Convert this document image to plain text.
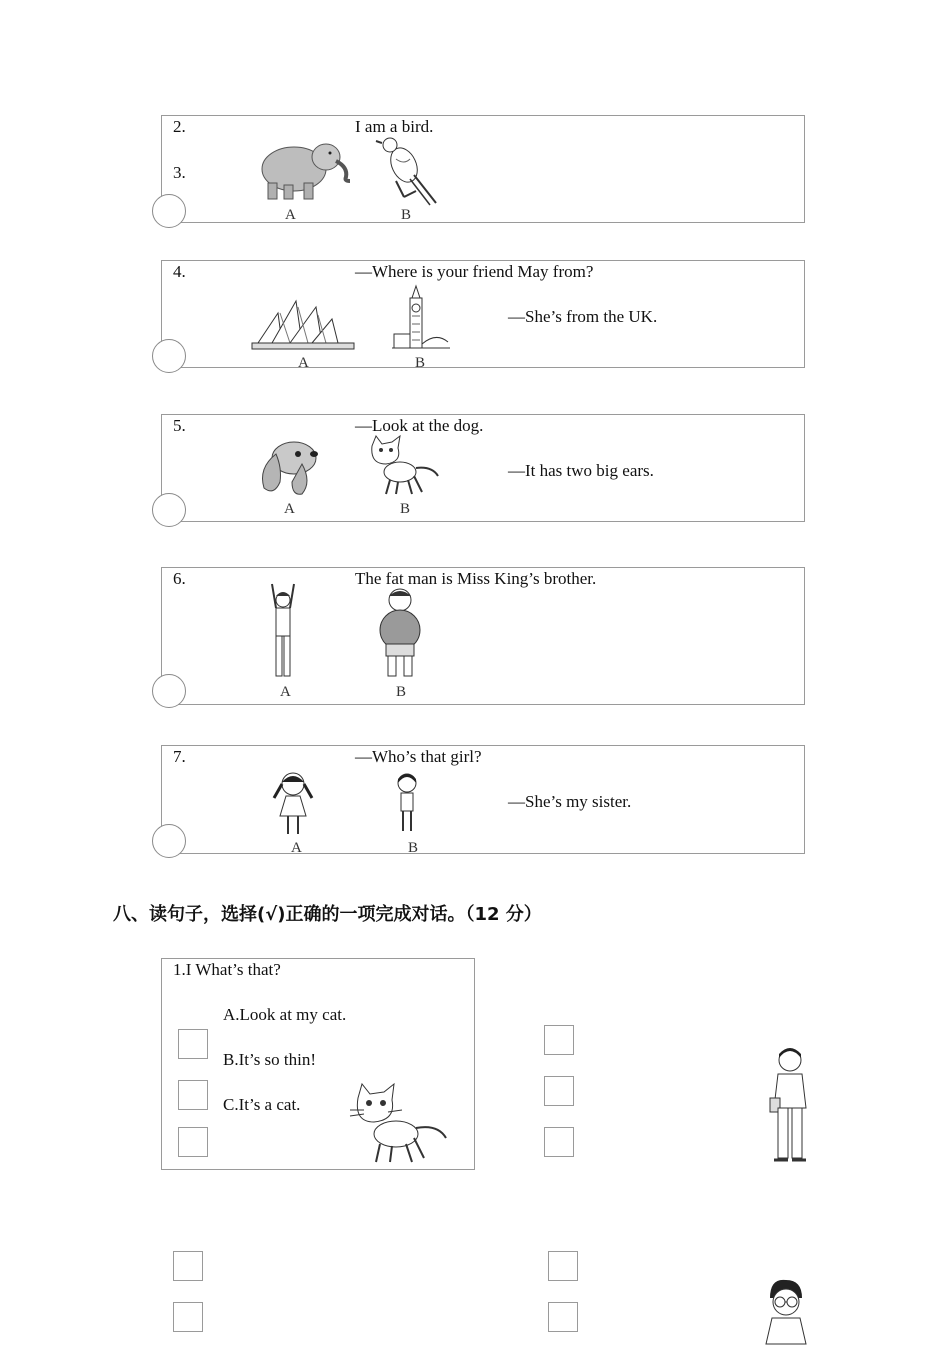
2.
3.
I am a bird.
A	B
4.	—Where is your friend May from?
—She’s from the UK.
A	B
5.	—Look at the dog.
—It has two big ears.
A	B
6.	The fat man is Miss King’s brother.
A	B
7.	—Who’s that girl?
—She’s my sister.
A	B
八、读句子，选择(√)正确的一项完成对话。（12 分）
1.I What’s that?
A.Look at my cat.
B.It’s so thin!
C.It’s a cat.
